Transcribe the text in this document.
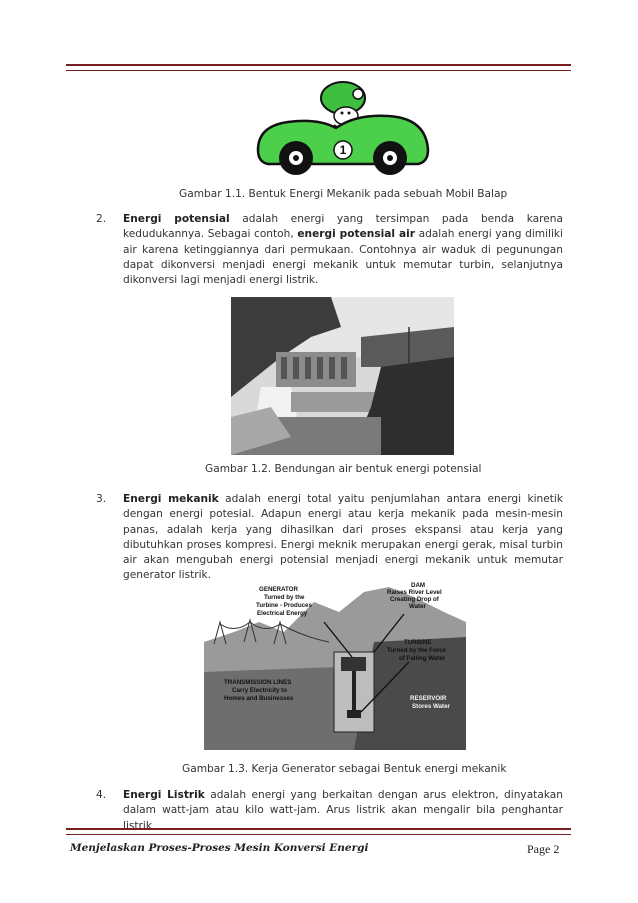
1
Gambar 1.1. Bentuk Energi Mekanik pada sebuah Mobil Balap
2. Energi potensial adalah energi yang tersimpan pada benda karena kedudukannya. Sebagai contoh, energi potensial air adalah energi yang dimiliki air karena ketinggiannya dari permukaan. Contohnya air waduk di pegunungan dapat dikonversi menjadi energi mekanik untuk memutar turbin, selanjutnya dikonversi lagi menjadi energi listrik.
Gambar 1.2. Bendungan air bentuk energi potensial
3. Energi mekanik adalah energi total yaitu penjumlahan antara energi kinetik dengan energi potesial. Adapun energi atau kerja mekanik pada mesin-mesin panas, adalah kerja yang dihasilkan dari proses ekspansi atau kerja yang dibutuhkan proses kompresi. Energi meknik merupakan energi gerak, misal turbin air akan mengubah energi potensial menjadi energi mekanik untuk memutar generator listrik.
GENERATOR
Turned by the
Turbine - Produces
Electrical Energy
DAM
Raises River Level
Creating Drop of
Water
TURBINE
Turned by the Force
of Falling Water
TRANSMISSION LINES
Carry Electricity to
Homes and Businesses	RESERVOIR
Stores Water
Gambar 1.3. Kerja Generator sebagai Bentuk energi mekanik
4. Energi Listrik adalah energi yang berkaitan dengan arus elektron, dinyatakan dalam watt-jam atau kilo watt-jam. Arus listrik akan mengalir bila penghantar listrik
Menjelaskan Proses-Proses Mesin Konversi Energi	Page 2
